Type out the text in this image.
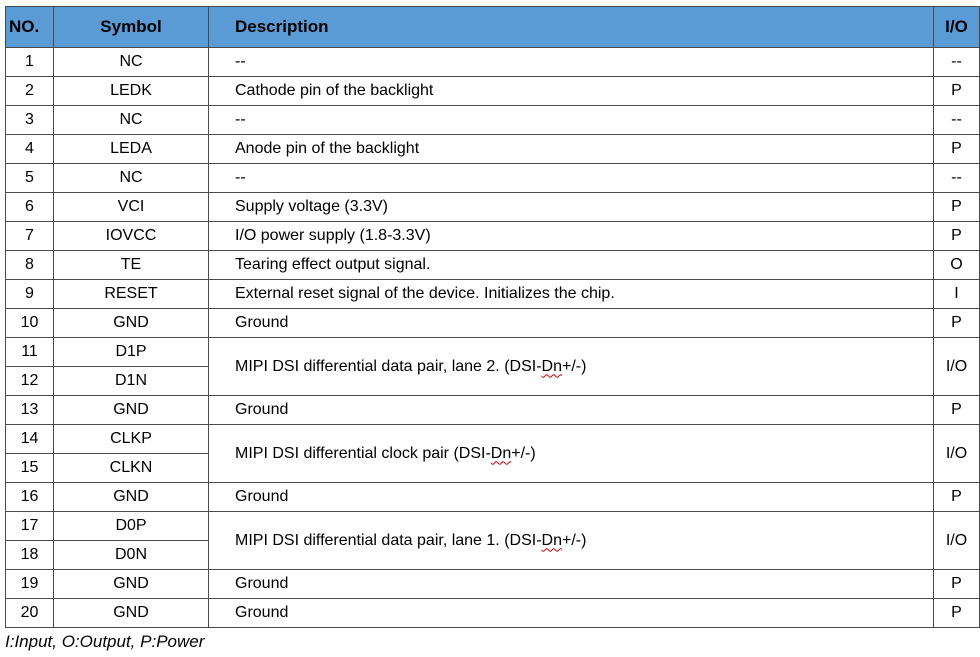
NO.	Symbol	Description	I/O
1	NC	--	--
2	LEDK	Cathode pin of the backlight	P
3	NC	--	--
4	LEDA	Anode pin of the backlight	P
5	NC	--	--
6	VCI	Supply voltage (3.3V)	P
7	IOVCC	I/O power supply (1.8-3.3V)	P
8	TE	Tearing effect output signal.	O
9	RESET	External reset signal of the device. Initializes the chip.	I
10	GND	Ground	P
11	D1P	MIPI DSI differential data pair, lane 2. (DSI-Dn+/-)	I/O
12	D1N		
13	GND	Ground	P
14	CLKP	MIPI DSI differential clock pair (DSI-Dn+/-)	I/O
15	CLKN		
16	GND	Ground	P
17	D0P	MIPI DSI differential data pair, lane 1. (DSI-Dn+/-)	I/O
18	D0N		
19	GND	Ground	P
20	GND	Ground	P
I:Input, O:Output, P:Power
